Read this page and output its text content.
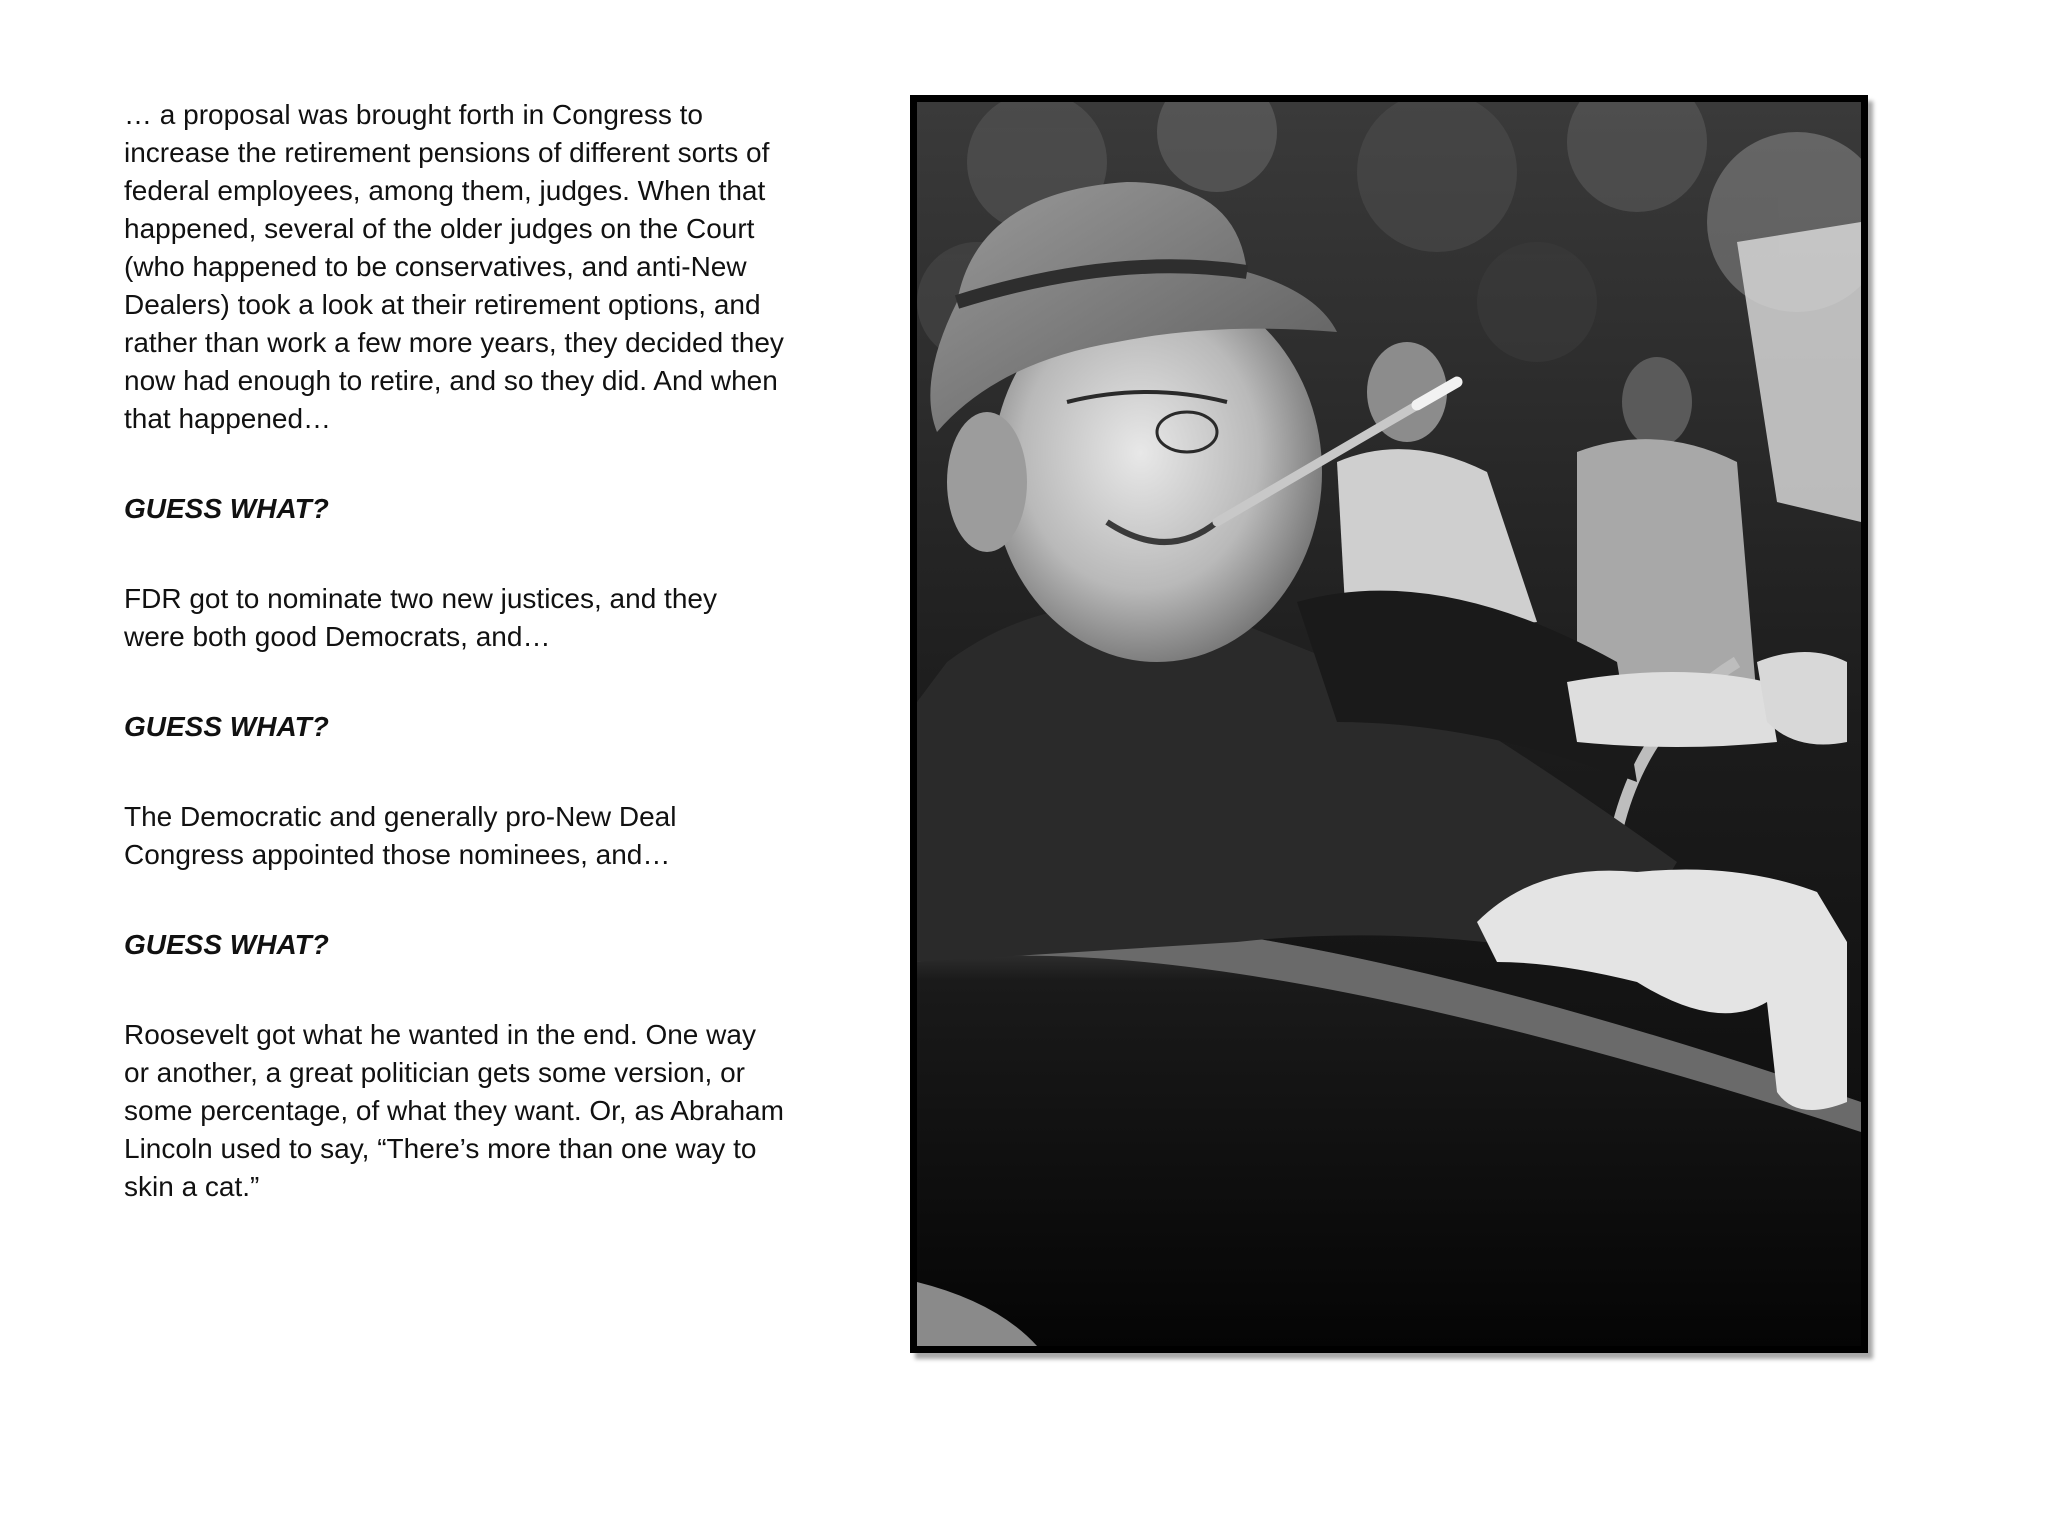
… a proposal was brought forth in Congress to increase the retirement pensions of different sorts of federal employees, among them, judges. When that happened, several of the older judges on the Court (who happened to be conservatives, and anti-New Dealers) took a look at their retirement options, and rather than work a few more years, they decided they now had enough to retire, and so they did. And when that happened…

GUESS WHAT?

FDR got to nominate two new justices, and they were both good Democrats, and…

GUESS WHAT?

The Democratic and generally pro-New Deal Congress appointed those nominees, and…

GUESS WHAT?

Roosevelt got what he wanted in the end. One way or another, a great politician gets some version, or some percentage, of what they want. Or, as Abraham Lincoln used to say, “There’s more than one way to skin a cat.”
